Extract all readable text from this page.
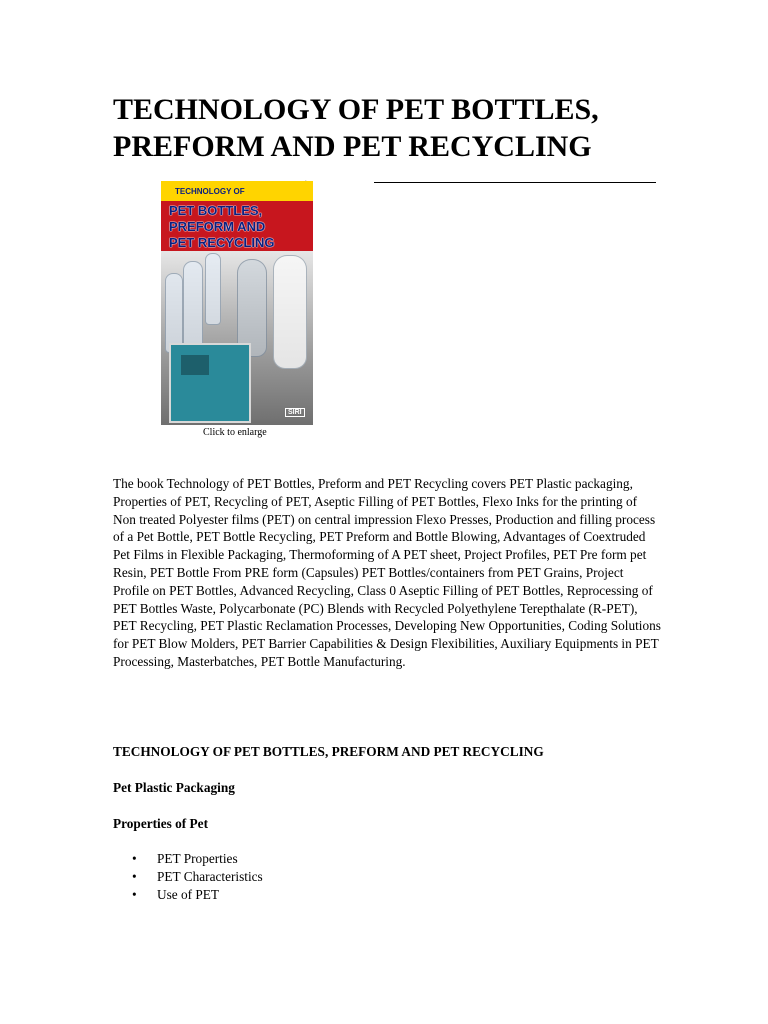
TECHNOLOGY OF PET BOTTLES, PREFORM AND PET RECYCLING
TECHNOLOGY OF
PET BOTTLES,
PREFORM AND
PET RECYCLING
SIRI
Click to enlarge

The book Technology of PET Bottles, Preform and PET Recycling covers PET Plastic packaging, Properties of PET, Recycling of PET, Aseptic Filling of PET Bottles, Flexo Inks for the printing of Non treated Polyester films (PET) on central impression Flexo Presses, Production and filling process of a Pet Bottle, PET Bottle Recycling, PET Preform and Bottle Blowing, Advantages of Coextruded Pet Films in Flexible Packaging, Thermoforming of A PET sheet, Project Profiles, PET Pre form pet Resin, PET Bottle From PRE form (Capsules) PET Bottles/containers from PET Grains, Project Profile on PET Bottles, Advanced Recycling, Class 0 Aseptic Filling of PET Bottles, Reprocessing of PET Bottles Waste, Polycarbonate (PC) Blends with Recycled Polyethylene Terepthalate (R-PET), PET Recycling, PET Plastic Reclamation Processes, Developing New Opportunities, Coding Solutions for PET Blow Molders, PET Barrier Capabilities & Design Flexibilities, Auxiliary Equipments in PET Processing, Masterbatches, PET Bottle Manufacturing.

TECHNOLOGY OF PET BOTTLES, PREFORM AND PET RECYCLING

Pet Plastic Packaging

Properties of Pet

• PET Properties
• PET Characteristics
• Use of PET
